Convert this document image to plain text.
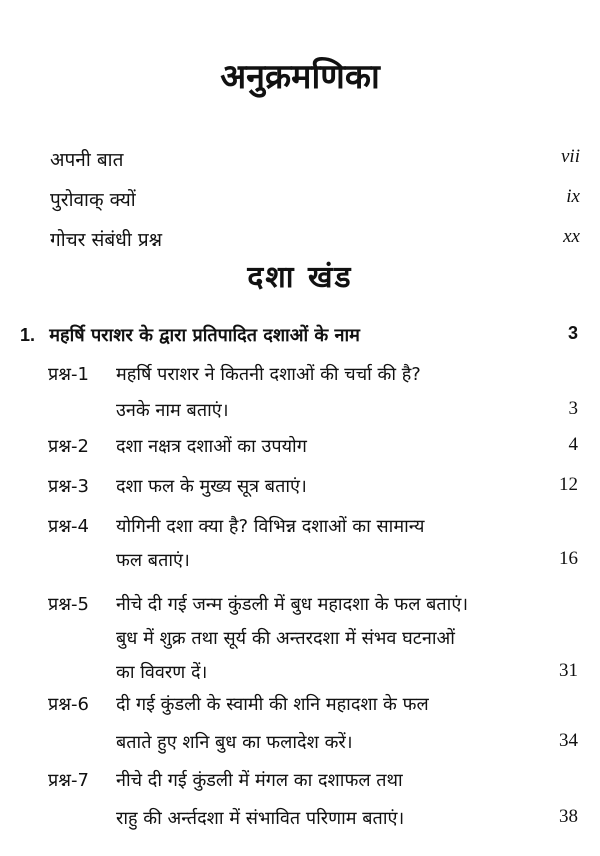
अनुक्रमणिका
अपनी बात	vii
पुरोवाक् क्यों	ix
गोचर संबंधी प्रश्न	xx
दशा खंड
1. महर्षि पराशर के द्वारा प्रतिपादित दशाओं के नाम	3
प्रश्न-1 महर्षि पराशर ने कितनी दशाओं की चर्चा की है?
उनके नाम बताएं।	3
प्रश्न-2 दशा नक्षत्र दशाओं का उपयोग	4
प्रश्न-3 दशा फल के मुख्य सूत्र बताएं।	12
प्रश्न-4 योगिनी दशा क्या है? विभिन्न दशाओं का सामान्य
फल बताएं।	16
प्रश्न-5 नीचे दी गई जन्म कुंडली में बुध महादशा के फल बताएं।
बुध में शुक्र तथा सूर्य की अन्तरदशा में संभव घटनाओं
का विवरण दें।	31
प्रश्न-6 दी गई कुंडली के स्वामी की शनि महादशा के फल
बताते हुए शनि बुध का फलादेश करें।	34
प्रश्न-7 नीचे दी गई कुंडली में मंगल का दशाफल तथा
राहु की अर्न्तदशा में संभावित परिणाम बताएं।	38
